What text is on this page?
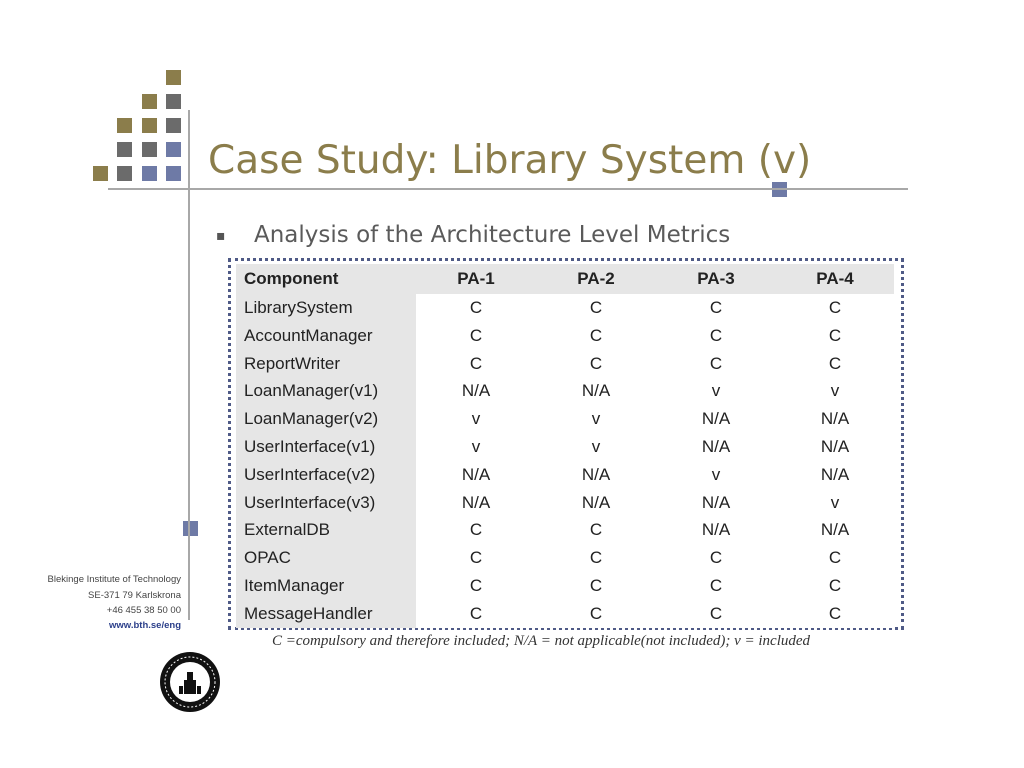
Case Study: Library System (v)
▪ Analysis of the Architecture Level Metrics
Component	PA-1	PA-2	PA-3	PA-4
LibrarySystem	C	C	C	C
AccountManager	C	C	C	C
ReportWriter	C	C	C	C
LoanManager(v1)	N/A	N/A	v	v
LoanManager(v2)	v	v	N/A	N/A
UserInterface(v1)	v	v	N/A	N/A
UserInterface(v2)	N/A	N/A	v	N/A
UserInterface(v3)	N/A	N/A	N/A	v
ExternalDB	C	C	N/A	N/A
OPAC	C	C	C	C
ItemManager	C	C	C	C
MessageHandler	C	C	C	C
C =compulsory and therefore included; N/A = not applicable(not included); v = included
Blekinge Institute of Technology
SE-371 79 Karlskrona
+46 455 38 50 00
www.bth.se/eng
